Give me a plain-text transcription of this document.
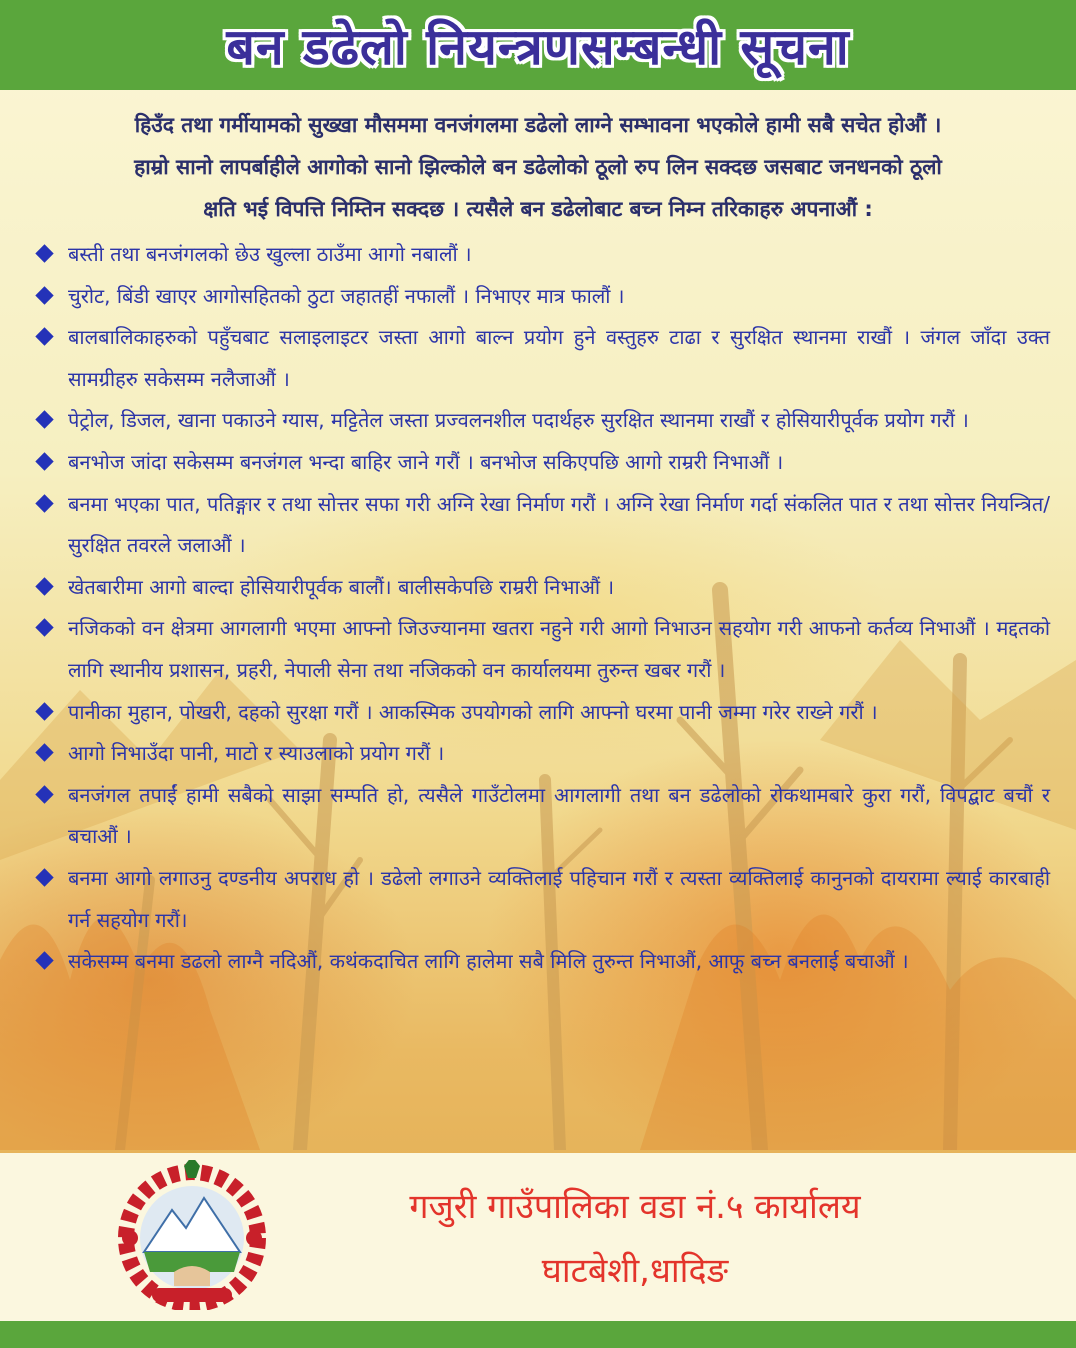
बन डढेलो नियन्त्रणसम्बन्धी सूचना

हिउँद तथा गर्मीयामको सुख्खा मौसममा वनजंगलमा डढेलो लाग्ने सम्भावना भएकोले हामी सबै सचेत होऔं ।

हाम्रो सानो लापर्बाहीले आगोको सानो झिल्कोले बन डढेलोको ठूलो रुप लिन सक्दछ जसबाट जनधनको ठूलो

क्षति भई विपत्ति निम्तिन सक्दछ । त्यसैले बन डढेलोबाट बच्न निम्न तरिकाहरु अपनाऔं :

बस्ती तथा बनजंगलको छेउ खुल्ला ठाउँमा आगो नबालौं ।
चुरोट, बिंडी खाएर आगोसहितको ठुटा जहातहीं नफालौं । निभाएर मात्र फालौं ।
बालबालिकाहरुको पहुँचबाट सलाइलाइटर जस्ता आगो बाल्न प्रयोग हुने वस्तुहरु टाढा र सुरक्षित स्थानमा राखौं । जंगल जाँदा उक्त सामग्रीहरु सकेसम्म नलैजाऔं ।
पेट्रोल, डिजल, खाना पकाउने ग्यास, मट्टितेल जस्ता प्रज्वलनशील पदार्थहरु सुरक्षित स्थानमा राखौं र होसियारीपूर्वक प्रयोग गरौं ।
बनभोज जांदा सकेसम्म बनजंगल भन्दा बाहिर जाने गरौं । बनभोज सकिएपछि आगो राम्ररी निभाऔं ।
बनमा भएका पात, पतिङ्गार र तथा सोत्तर सफा गरी अग्नि रेखा निर्माण गरौं । अग्नि रेखा निर्माण गर्दा संकलित पात र तथा सोत्तर नियन्त्रित/सुरक्षित तवरले जलाऔं ।
खेतबारीमा आगो बाल्दा होसियारीपूर्वक बालौं। बालीसकेपछि राम्ररी निभाऔं ।
नजिकको वन क्षेत्रमा आगलागी भएमा आफ्नो जिउज्यानमा खतरा नहुने गरी आगो निभाउन सहयोग गरी आफनो कर्तव्य निभाऔं । मद्दतको लागि स्थानीय प्रशासन, प्रहरी, नेपाली सेना तथा नजिकको वन कार्यालयमा तुरुन्त खबर गरौं ।
पानीका मुहान, पोखरी, दहको सुरक्षा गरौं । आकस्मिक उपयोगको लागि आफ्नो घरमा पानी जम्मा गरेर राख्ने गरौं ।
आगो निभाउँदा पानी, माटो र स्याउलाको प्रयोग गरौं ।
बनजंगल तपाईं हामी सबैको साझा सम्पति हो, त्यसैले गाउँटोलमा आगलागी तथा बन डढेलोको रोकथामबारे कुरा गरौं, विपद्बाट बचौं र बचाऔं ।
बनमा आगो लगाउनु दण्डनीय अपराध हो । डढेलो लगाउने व्यक्तिलाई पहिचान गरौं र त्यस्ता व्यक्तिलाई कानुनको दायरामा ल्याई कारबाही गर्न सहयोग गरौं।
सकेसम्म बनमा डढलो लाग्नै नदिऔं, कथंकदाचित लागि हालेमा सबै मिलि तुरुन्त निभाऔं, आफू बच्न बनलाई बचाऔं ।
गजुरी गाउँपालिका वडा नं.५ कार्यालय
घाटबेशी,धादिङ
